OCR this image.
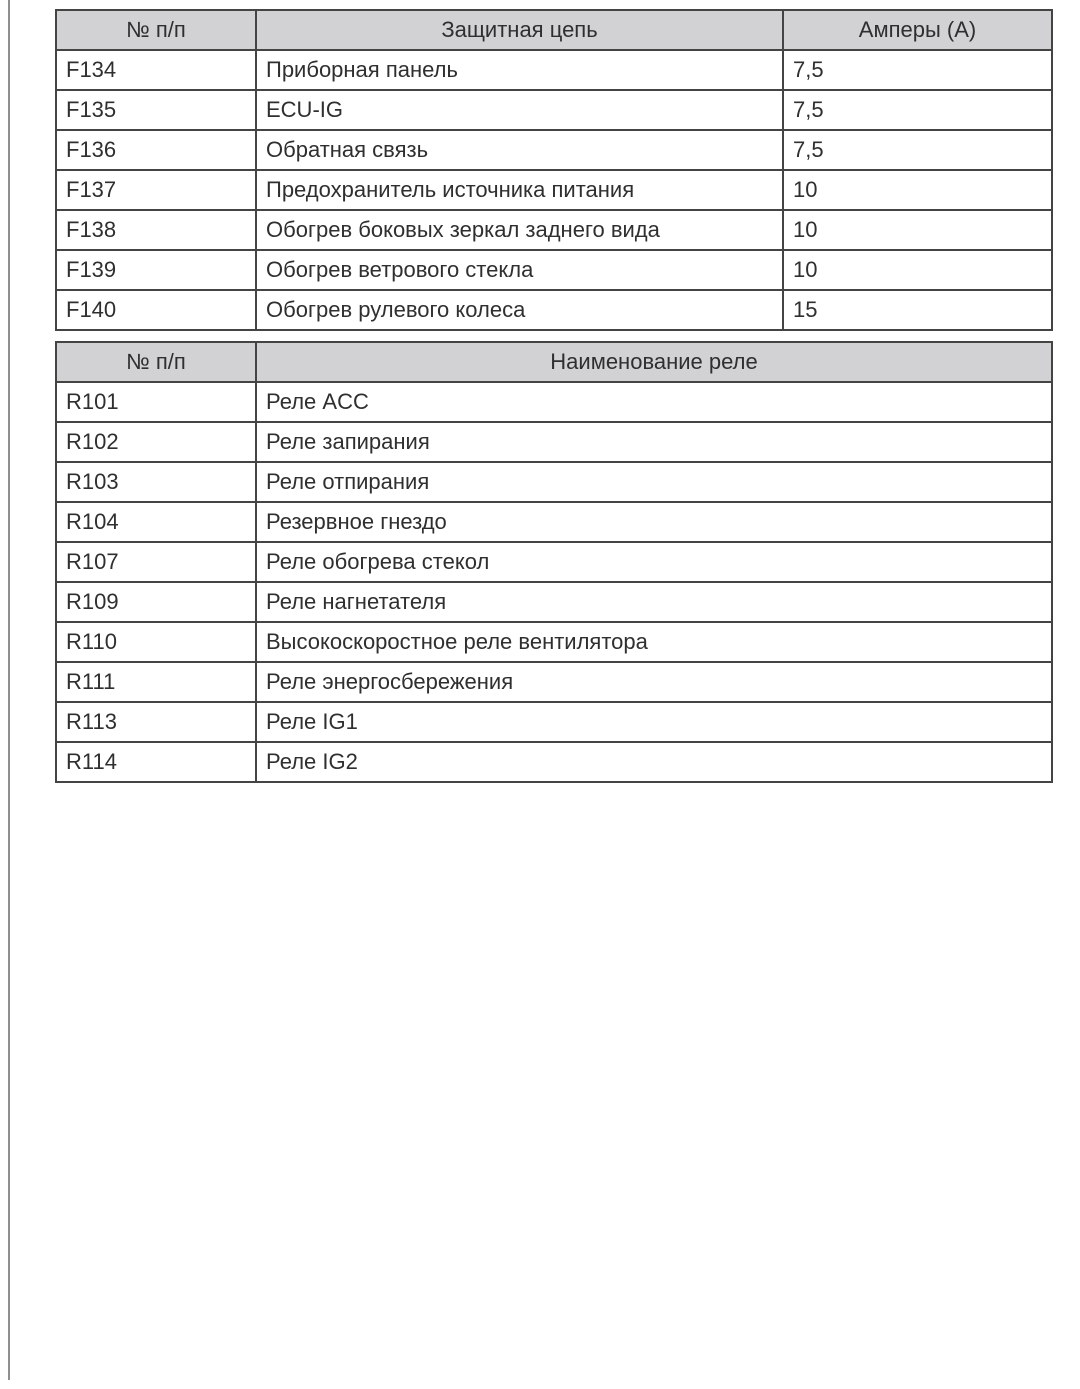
№ п/п	Защитная цепь	Амперы (А)
F134	Приборная панель	7,5
F135	ECU-IG	7,5
F136	Обратная связь	7,5
F137	Предохранитель источника питания	10
F138	Обогрев боковых зеркал заднего вида	10
F139	Обогрев ветрового стекла	10
F140	Обогрев рулевого колеса	15
№ п/п	Наименование реле
R101	Реле ACC
R102	Реле запирания
R103	Реле отпирания
R104	Резервное гнездо
R107	Реле обогрева стекол
R109	Реле нагнетателя
R110	Высокоскоростное реле вентилятора
R111	Реле энергосбережения
R113	Реле IG1
R114	Реле IG2
